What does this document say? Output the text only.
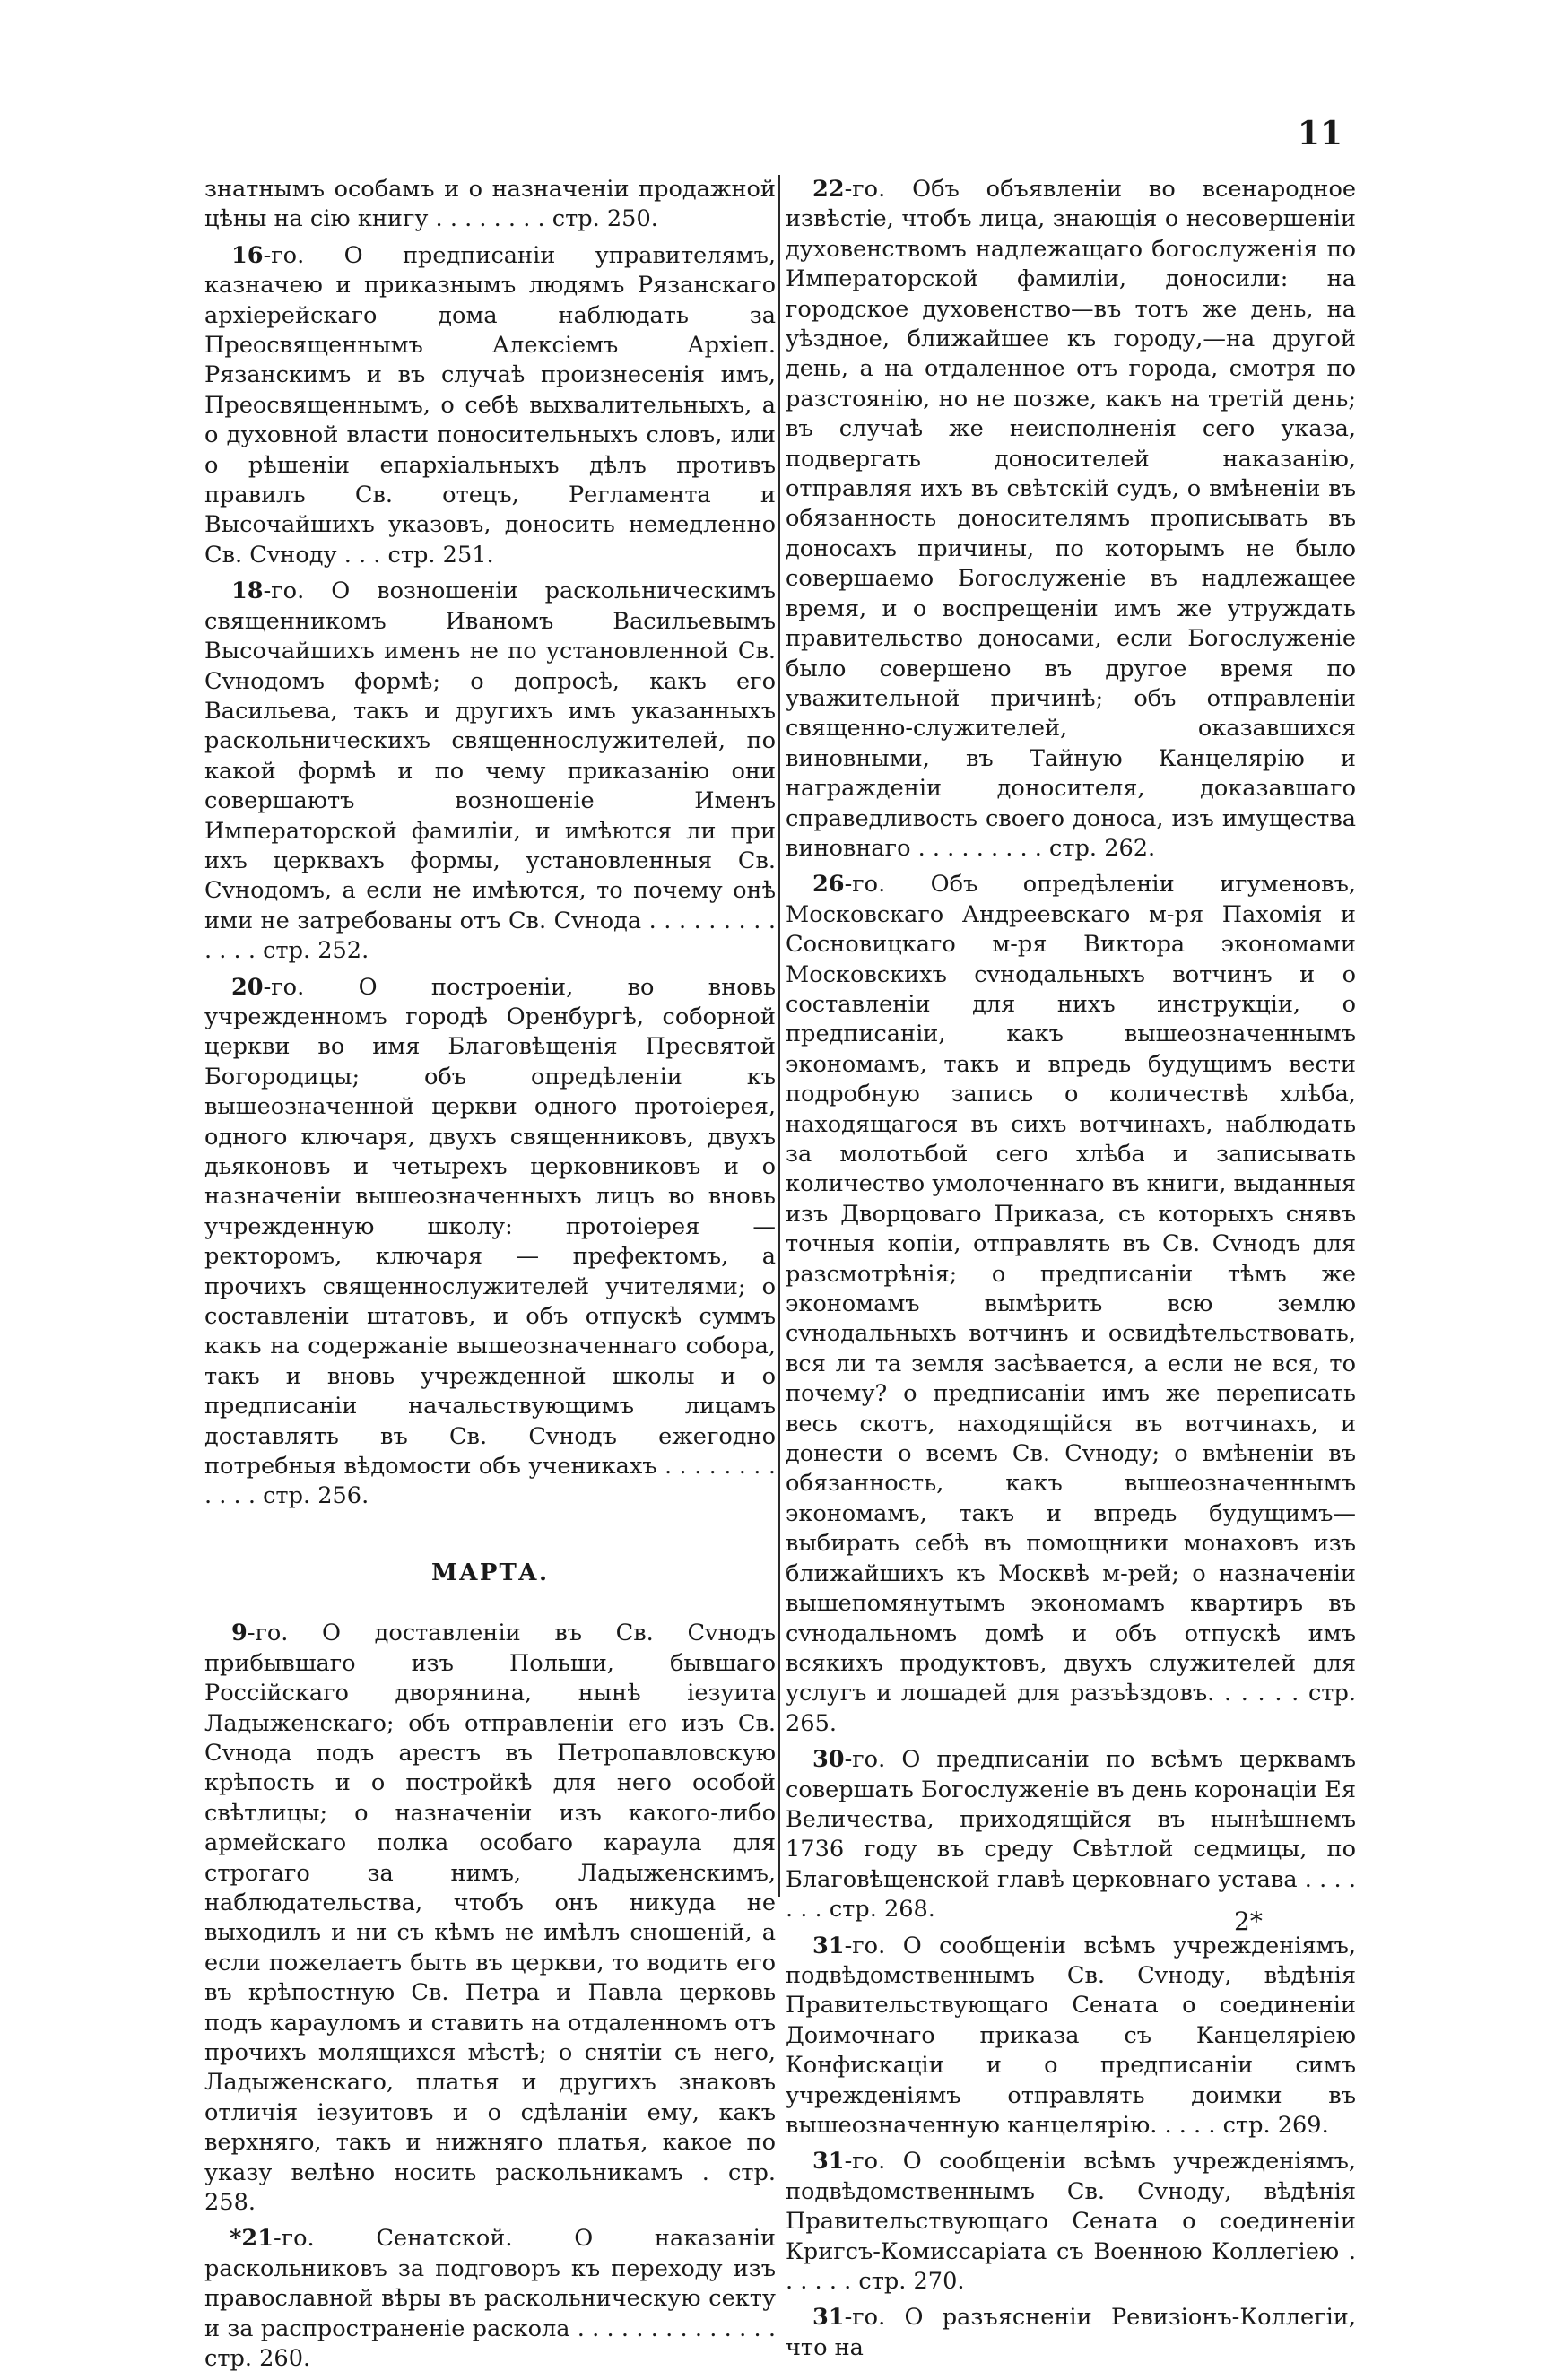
11

знатнымъ особамъ и о назначенiи продажной цѣны на сiю книгу . . . . . . . . стр. 250.

16-го. О предписанiи управителямъ, казначею и приказнымъ людямъ Рязанскаго архiерейскаго дома наблюдать за Преосвященнымъ Алексiемъ Архiеп. Рязанскимъ и въ случаѣ произнесенiя имъ, Преосвященнымъ, о себѣ выхвалительныхъ, а о духовной власти поносительныхъ словъ, или о рѣшенiи епархiальныхъ дѣлъ противъ правилъ Св. отецъ, Регламента и Высочайшихъ указовъ, доносить немедленно Св. Сvноду . . . стр. 251.

18-го. О возношенiи раскольническимъ священникомъ Иваномъ Васильевымъ Высочайшихъ именъ не по установленной Св. Сvнодомъ формѣ; о допросѣ, какъ его Васильева, такъ и другихъ имъ указанныхъ раскольническихъ священнослужителей, по какой формѣ и по чему приказанiю они совершаютъ возношенiе Именъ Императорской фамилiи, и имѣются ли при ихъ церквахъ формы, установленныя Св. Сvнодомъ, а если не имѣются, то почему онѣ ими не затребованы отъ Св. Сvнода . . . . . . . . . . . . . стр. 252.

20-го. О построенiи, во вновь учрежденномъ городѣ Оренбургѣ, соборной церкви во имя Благовѣщенiя Пресвятой Богородицы; объ опредѣленiи къ вышеозначенной церкви одного протоiерея, одного ключаря, двухъ священниковъ, двухъ дьяконовъ и четырехъ церковниковъ и о назначенiи вышеозначенныхъ лицъ во вновь учрежденную школу: протоiерея — ректоромъ, ключаря — префектомъ, а прочихъ священнослужителей учителями; о составленiи штатовъ, и объ отпускѣ суммъ какъ на содержанiе вышеозначеннаго собора, такъ и вновь учрежденной школы и о предписанiи начальствующимъ лицамъ доставлять въ Св. Сvнодъ ежегодно потребныя вѣдомости объ ученикахъ . . . . . . . . . . . . стр. 256.

МАРТА.

9-го. О доставленiи въ Св. Сvнодъ прибывшаго изъ Польши, бывшаго Россiйскаго дворянина, нынѣ iезуита Ладыженскаго; объ отправленiи его изъ Св. Сvнода подъ арестъ въ Петропавловскую крѣпость и о постройкѣ для него особой свѣтлицы; о назначенiи изъ какого-либо армейскаго полка особаго караула для строгаго за нимъ, Ладыженскимъ, наблюдательства, чтобъ онъ никуда не выходилъ и ни съ кѣмъ не имѣлъ сношенiй, а если пожелаетъ быть въ церкви, то водить его въ крѣпостную Св. Петра и Павла церковь подъ карауломъ и ставить на отдаленномъ отъ прочихъ молящихся мѣстѣ; о снятiи съ него, Ладыженскаго, платья и другихъ знаковъ отличiя iезуитовъ и о сдѣланiи ему, какъ верхняго, такъ и нижняго платья, какое по указу велѣно носить раскольникамъ . стр. 258.

*21-го. Сенатской. О наказанiи раскольниковъ за подговоръ къ переходу изъ православной вѣры въ раскольническую секту и за распространенiе раскола . . . . . . . . . . . . . . стр. 260.

22-го. Объ объявленiи во всенародное извѣстiе, чтобъ лица, знающiя о несовершенiи духовенствомъ надлежащаго богослуженiя по Императорской фамилiи, доносили: на городское духовенство—въ тотъ же день, на уѣздное, ближайшее къ городу,—на другой день, а на отдаленное отъ города, смотря по разстоянiю, но не позже, какъ на третiй день; въ случаѣ же неисполненiя сего указа, подвергать доносителей наказанiю, отправляя ихъ въ свѣтскiй судъ, о вмѣненiи въ обязанность доносителямъ прописывать въ доносахъ причины, по которымъ не было совершаемо Богослуженiе въ надлежащее время, и о воспрещенiи имъ же утруждать правительство доносами, если Богослуженiе было совершено въ другое время по уважительной причинѣ; объ отправленiи священно-служителей, оказавшихся виновными, въ Тайную Канцелярiю и награжденiи доносителя, доказавшаго справедливость своего доноса, изъ имущества виновнаго . . . . . . . . . стр. 262.

26-го. Объ опредѣленiи игуменовъ, Московскаго Андреевскаго м-ря Пахомiя и Сосновицкаго м-ря Виктора экономами Московскихъ сvнодальныхъ вотчинъ и о составленiи для нихъ инструкцiи, о предписанiи, какъ вышеозначеннымъ экономамъ, такъ и впредь будущимъ вести подробную запись о количествѣ хлѣба, находящагося въ сихъ вотчинахъ, наблюдать за молотьбой сего хлѣба и записывать количество умолоченнаго въ книги, выданныя изъ Дворцоваго Приказа, съ которыхъ снявъ точныя копiи, отправлять въ Св. Сvнодъ для разсмотрѣнiя; о предписанiи тѣмъ же экономамъ вымѣрить всю землю сvнодальныхъ вотчинъ и освидѣтельствовать, вся ли та земля засѣвается, а если не вся, то почему? о предписанiи имъ же переписать весь скотъ, находящiйся въ вотчинахъ, и донести о всемъ Св. Сvноду; о вмѣненiи въ обязанность, какъ вышеозначеннымъ экономамъ, такъ и впредь будущимъ—выбирать себѣ въ помощники монаховъ изъ ближайшихъ къ Москвѣ м-рей; о назначенiи вышепомянутымъ экономамъ квартиръ въ сvнодальномъ домѣ и объ отпускѣ имъ всякихъ продуктовъ, двухъ служителей для услугъ и лошадей для разъѣздовъ. . . . . . стр. 265.

30-го. О предписанiи по всѣмъ церквамъ совершать Богослуженiе въ день коронацiи Ея Величества, приходящiйся въ нынѣшнемъ 1736 году въ среду Свѣтлой седмицы, по Благовѣщенской главѣ церковнаго устава . . . . . . . стр. 268.

31-го. О сообщенiи всѣмъ учрежденiямъ, подвѣдомственнымъ Св. Сvноду, вѣдѣнiя Правительствующаго Сената о соединенiи Доимочнаго приказа съ Канцелярiею Конфискацiи и о предписанiи симъ учрежденiямъ отправлять доимки въ вышеозначенную канцелярiю. . . . . стр. 269.

31-го. О сообщенiи всѣмъ учрежденiямъ, подвѣдомственнымъ Св. Сvноду, вѣдѣнiя Правительствующаго Сената о соединенiи Кригсъ-Комиссарiата съ Военною Коллегiею . . . . . . стр. 270.

31-го. О разъясненiи Ревизiонъ-Коллегiи, что на

2*
